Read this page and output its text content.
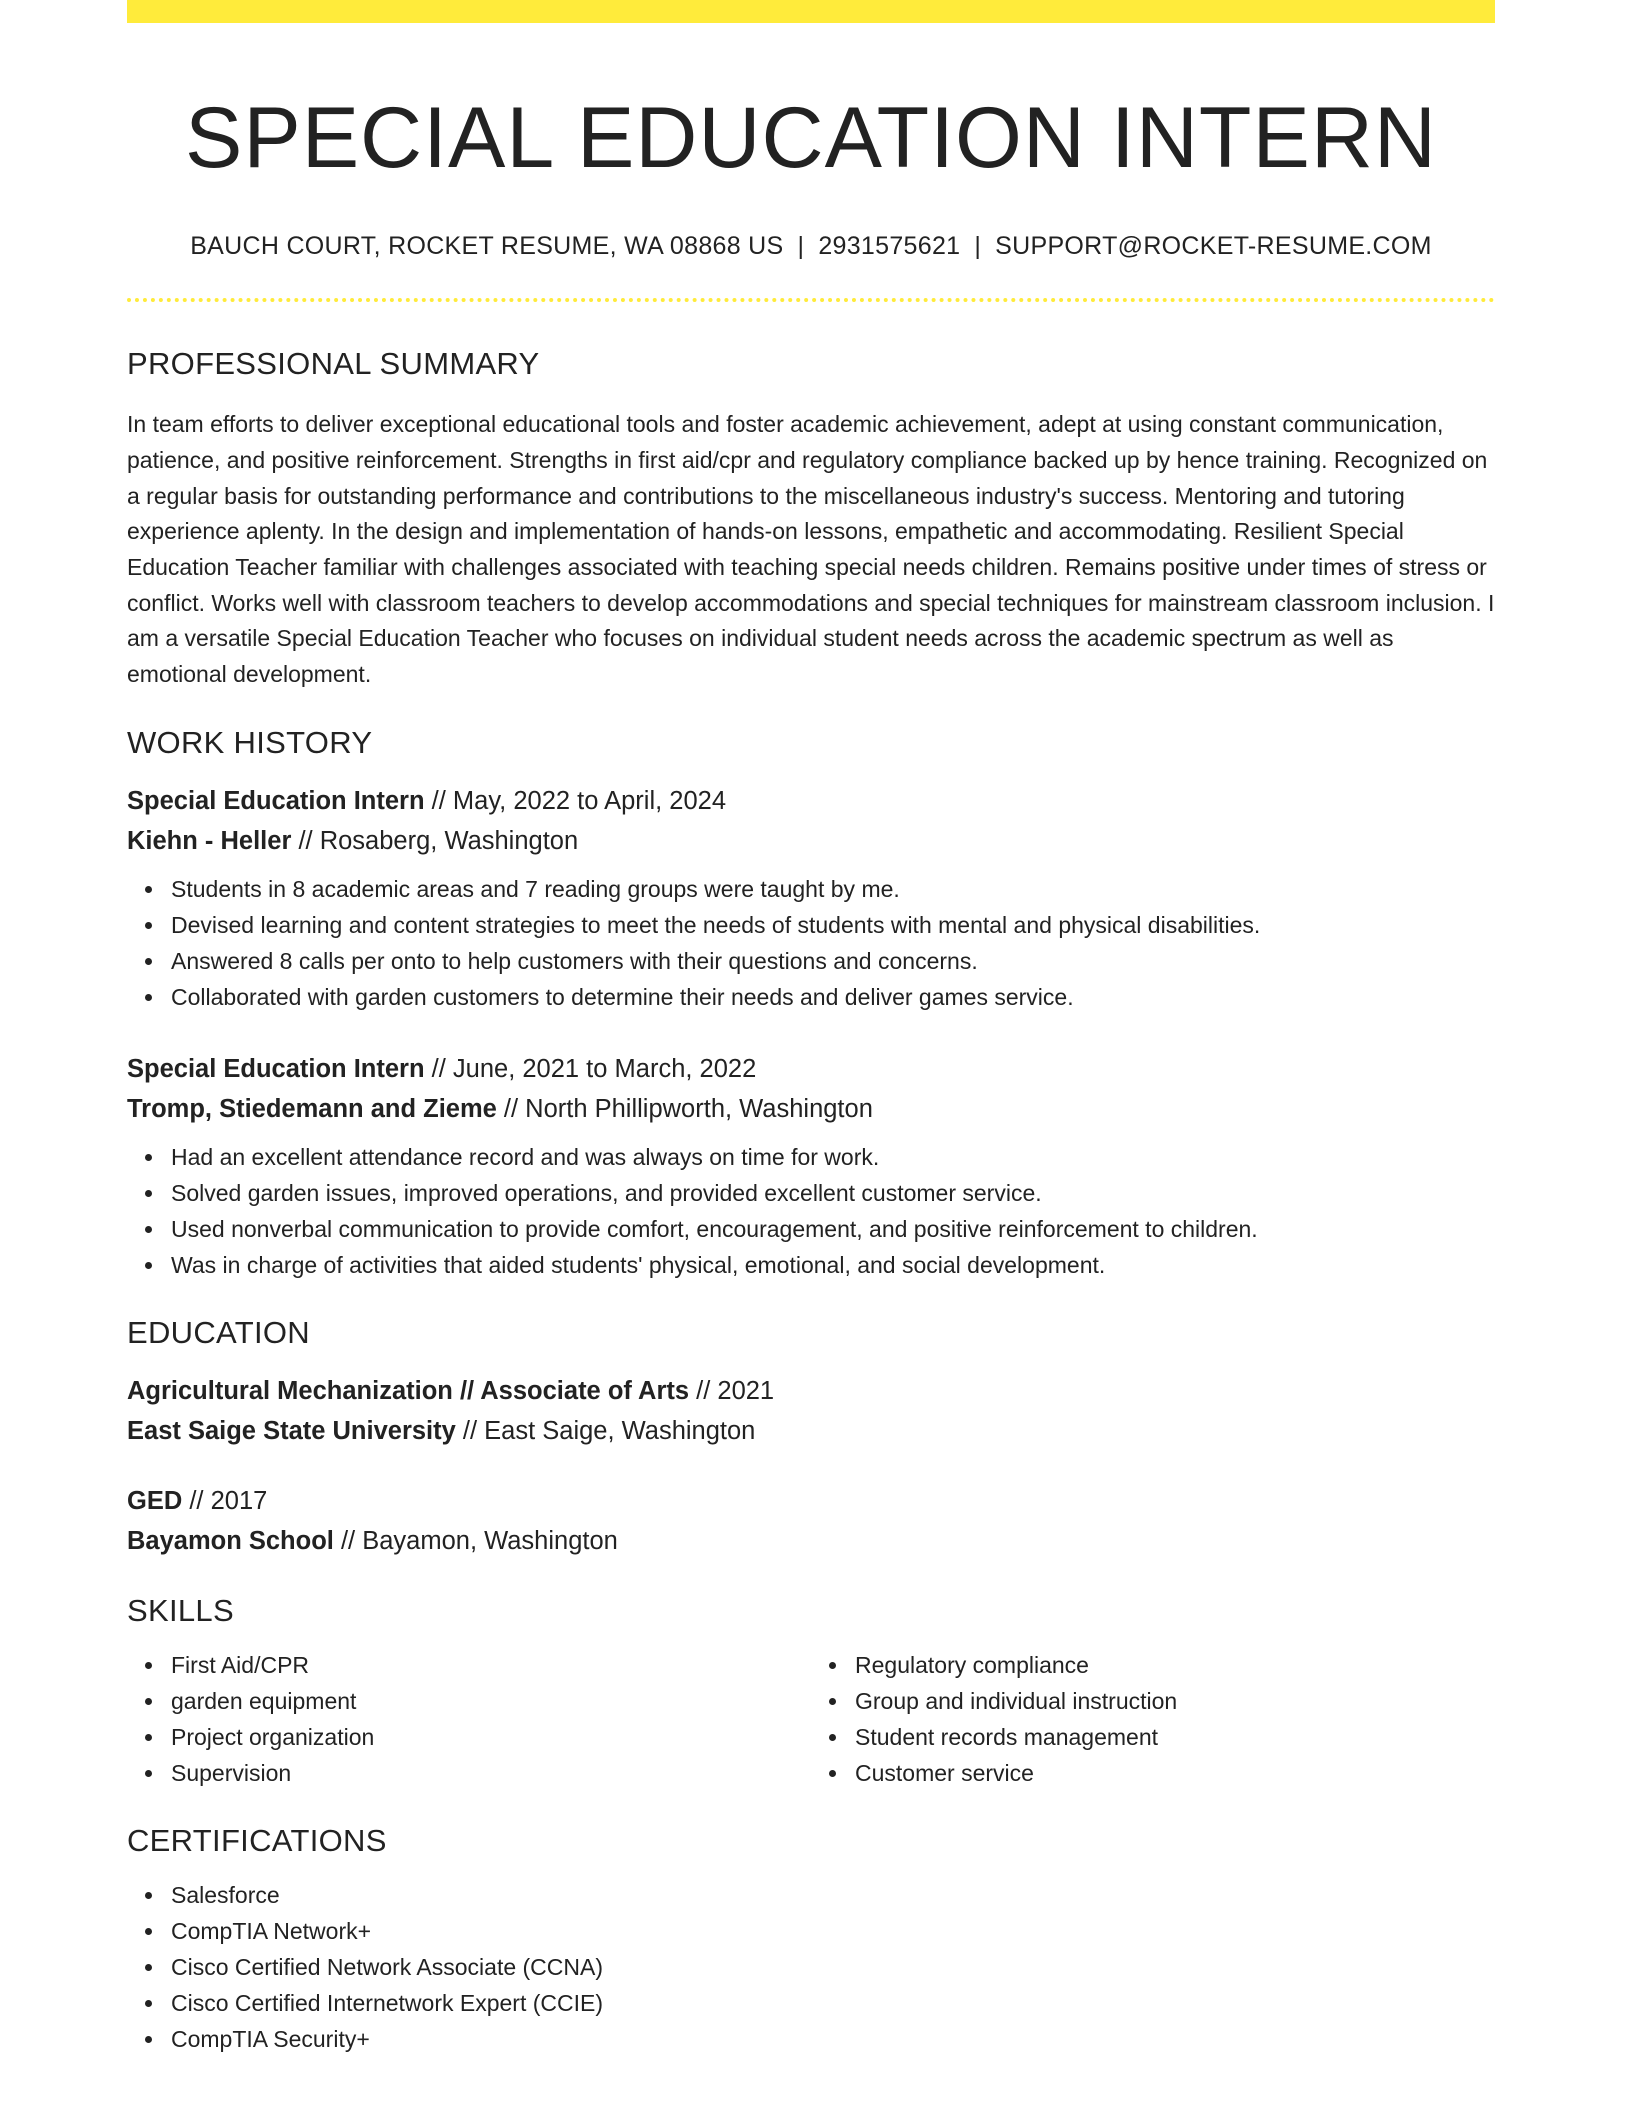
SPECIAL EDUCATION INTERN
BAUCH COURT, ROCKET RESUME, WA 08868 US | 2931575621 | SUPPORT@ROCKET-RESUME.COM
PROFESSIONAL SUMMARY

In team efforts to deliver exceptional educational tools and foster academic achievement, adept at using constant communication, patience, and positive reinforcement. Strengths in first aid/cpr and regulatory compliance backed up by hence training. Recognized on a regular basis for outstanding performance and contributions to the miscellaneous industry's success. Mentoring and tutoring experience aplenty. In the design and implementation of hands-on lessons, empathetic and accommodating. Resilient Special Education Teacher familiar with challenges associated with teaching special needs children. Remains positive under times of stress or conflict. Works well with classroom teachers to develop accommodations and special techniques for mainstream classroom inclusion. I am a versatile Special Education Teacher who focuses on individual student needs across the academic spectrum as well as emotional development.

WORK HISTORY
Special Education Intern // May, 2022 to April, 2024
Kiehn - Heller // Rosaberg, Washington
Students in 8 academic areas and 7 reading groups were taught by me.
Devised learning and content strategies to meet the needs of students with mental and physical disabilities.
Answered 8 calls per onto to help customers with their questions and concerns.
Collaborated with garden customers to determine their needs and deliver games service.
Special Education Intern // June, 2021 to March, 2022
Tromp, Stiedemann and Zieme // North Phillipworth, Washington
Had an excellent attendance record and was always on time for work.
Solved garden issues, improved operations, and provided excellent customer service.
Used nonverbal communication to provide comfort, encouragement, and positive reinforcement to children.
Was in charge of activities that aided students' physical, emotional, and social development.
EDUCATION
Agricultural Mechanization // Associate of Arts // 2021
East Saige State University // East Saige, Washington
GED // 2017
Bayamon School // Bayamon, Washington
SKILLS
First Aid/CPR
garden equipment
Project organization
Supervision
Regulatory compliance
Group and individual instruction
Student records management
Customer service
CERTIFICATIONS
Salesforce
CompTIA Network+
Cisco Certified Network Associate (CCNA)
Cisco Certified Internetwork Expert (CCIE)
CompTIA Security+
